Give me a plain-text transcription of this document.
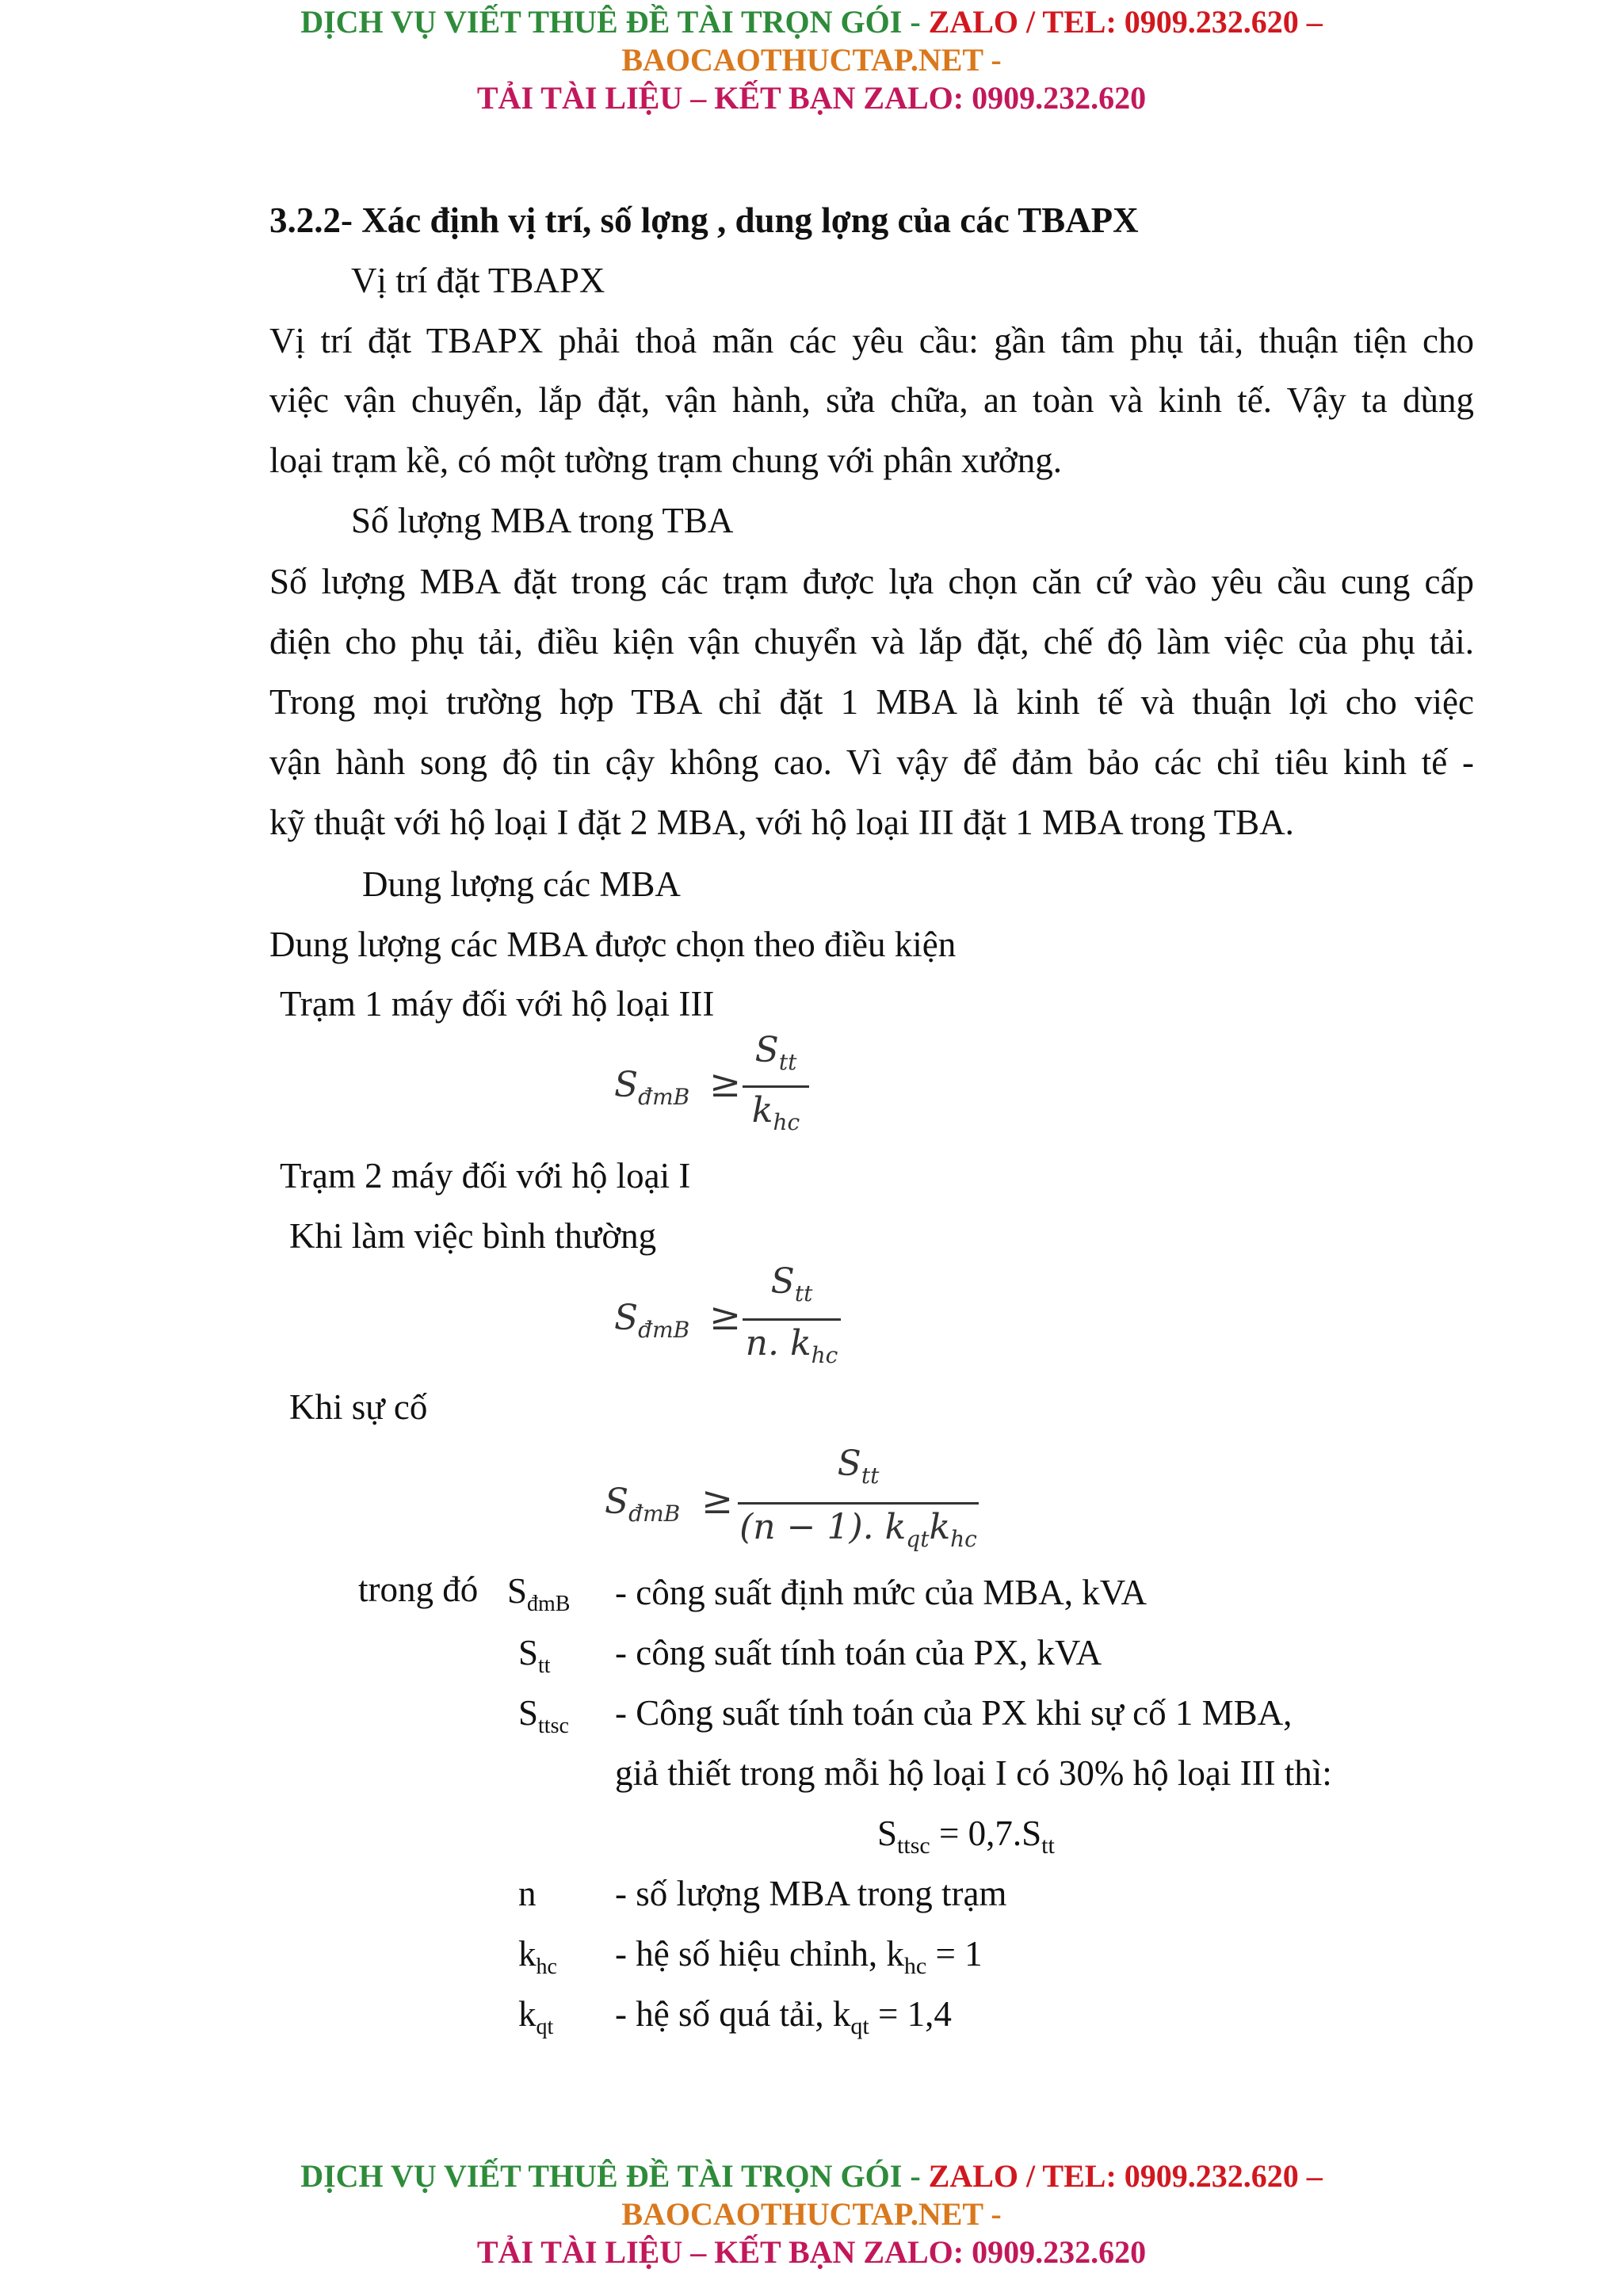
DỊCH VỤ VIẾT THUÊ ĐỀ TÀI TRỌN GÓI - ZALO / TEL: 0909.232.620 –
BAOCAOTHUCTAP.NET -
TẢI TÀI LIỆU – KẾT BẠN ZALO: 0909.232.620
3.2.2- Xác định vị trí, số lợng , dung lợng của các TBAPX
Vị trí đặt TBAPX
Vị trí đặt TBAPX phải thoả mãn các yêu cầu: gần tâm phụ tải, thuận tiện cho
việc vận chuyển, lắp đặt, vận hành, sửa chữa, an toàn và kinh tế. Vậy ta dùng
loại trạm kề, có một tường trạm chung với phân xưởng.
Số lượng MBA trong TBA
Số lượng MBA đặt trong các trạm được lựa chọn căn cứ vào yêu cầu cung cấp
điện cho phụ tải, điều kiện vận chuyển và lắp đặt, chế độ làm việc của phụ tải.
Trong mọi trường hợp TBA chỉ đặt 1 MBA là kinh tế và thuận lợi cho việc
vận hành song độ tin cậy không cao. Vì vậy để đảm bảo các chỉ tiêu kinh tế -
kỹ thuật với hộ loại I đặt 2 MBA, với hộ loại III đặt 1 MBA trong TBA.
Dung lượng các MBA
Dung lượng các MBA được chọn theo điều kiện
Trạm 1 máy đối với hộ loại III
Trạm 2 máy đối với hộ loại I
Khi làm việc bình thường
Khi sự cố
$S_{đmB}$ ≥
$S_{tt}$
$k_{hc}$
$S_{đmB}$ ≥
$S_{tt}$
n. $k_{hc}$
$S_{đmB}$ ≥
$S_{tt}$
(n − 1). $k_{qt}k_{hc}$
trong đó $S_{đmB}$ - công suất định mức của MBA, kVA
$S_{tt}$ - công suất tính toán của PX, kVA
$S_{ttsc}$ - Công suất tính toán của PX khi sự cố 1 MBA,
giả thiết trong mỗi hộ loại I có 30% hộ loại III thì:
$S_{ttsc} = 0,7.S_{tt}$
n - số lượng MBA trong trạm
$k_{hc}$ - hệ số hiệu chỉnh, $k_{hc} = 1$
$k_{qt}$ - hệ số quá tải, $k_{qt} = 1,4$
DỊCH VỤ VIẾT THUÊ ĐỀ TÀI TRỌN GÓI - ZALO / TEL: 0909.232.620 –
BAOCAOTHUCTAP.NET -
TẢI TÀI LIỆU – KẾT BẠN ZALO: 0909.232.620
